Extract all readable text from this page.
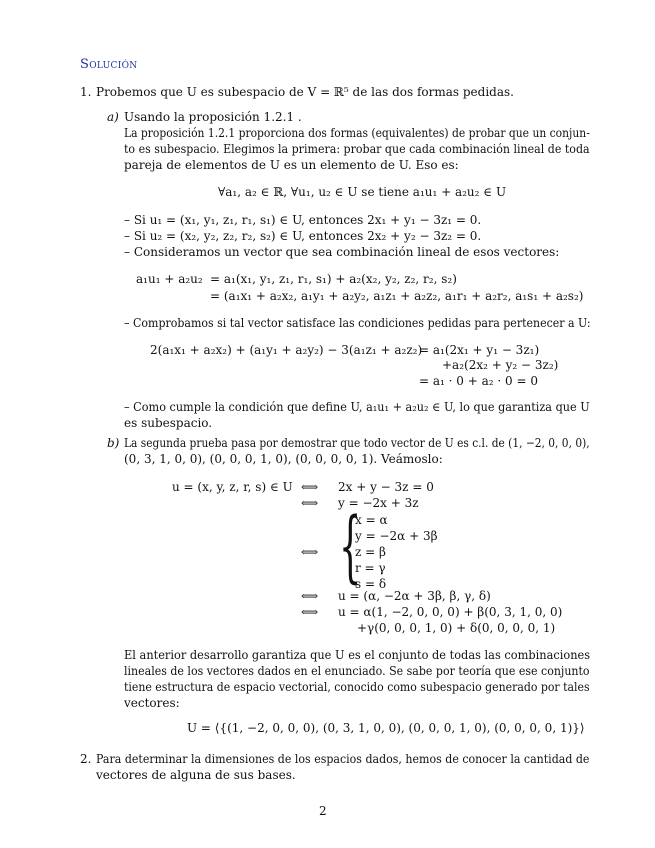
Solución
1. Probemos que U es subespacio de V = ℝ⁵ de las dos formas pedidas.
a) Usando la proposición 1.2.1 .
La proposición 1.2.1 proporciona dos formas (equivalentes) de probar que un conjun-
to es subespacio. Elegimos la primera: probar que cada combinación lineal de toda
pareja de elementos de U es un elemento de U. Eso es:
∀a₁, a₂ ∈ ℝ, ∀u₁, u₂ ∈ U se tiene a₁u₁ + a₂u₂ ∈ U
– Si u₁ = (x₁, y₁, z₁, r₁, s₁) ∈ U, entonces 2x₁ + y₁ − 3z₁ = 0.
– Si u₂ = (x₂, y₂, z₂, r₂, s₂) ∈ U, entonces 2x₂ + y₂ − 3z₂ = 0.
– Consideramos un vector que sea combinación lineal de esos vectores:
a₁u₁ + a₂u₂ = a₁(x₁, y₁, z₁, r₁, s₁) + a₂(x₂, y₂, z₂, r₂, s₂)
= (a₁x₁ + a₂x₂, a₁y₁ + a₂y₂, a₁z₁ + a₂z₂, a₁r₁ + a₂r₂, a₁s₁ + a₂s₂)
– Comprobamos si tal vector satisface las condiciones pedidas para pertenecer a U:
2(a₁x₁ + a₂x₂) + (a₁y₁ + a₂y₂) − 3(a₁z₁ + a₂z₂)
= a₁(2x₁ + y₁ − 3z₁)
+a₂(2x₂ + y₂ − 3z₂)
= a₁ · 0 + a₂ · 0 = 0
– Como cumple la condición que define U, a₁u₁ + a₂u₂ ∈ U, lo que garantiza que U
es subespacio.
b) La segunda prueba pasa por demostrar que todo vector de U es c.l. de (1, −2, 0, 0, 0),
(0, 3, 1, 0, 0), (0, 0, 0, 1, 0), (0, 0, 0, 0, 1). Veámoslo:
u = (x, y, z, r, s) ∈ U ⟺ 2x + y − 3z = 0
⟺ y = −2x + 3z
{
⟺
x = α
y = −2α + 3β
z = β
r = γ
s = δ
⟺ u = (α, −2α + 3β, β, γ, δ)
⟺ u = α(1, −2, 0, 0, 0) + β(0, 3, 1, 0, 0)
+γ(0, 0, 0, 1, 0) + δ(0, 0, 0, 0, 1)
El anterior desarrollo garantiza que U es el conjunto de todas las combinaciones
lineales de los vectores dados en el enunciado. Se sabe por teoría que ese conjunto
tiene estructura de espacio vectorial, conocido como subespacio generado por tales
vectores:
U = ⟨{(1, −2, 0, 0, 0), (0, 3, 1, 0, 0), (0, 0, 0, 1, 0), (0, 0, 0, 0, 1)}⟩
2. Para determinar la dimensiones de los espacios dados, hemos de conocer la cantidad de
vectores de alguna de sus bases.
2
